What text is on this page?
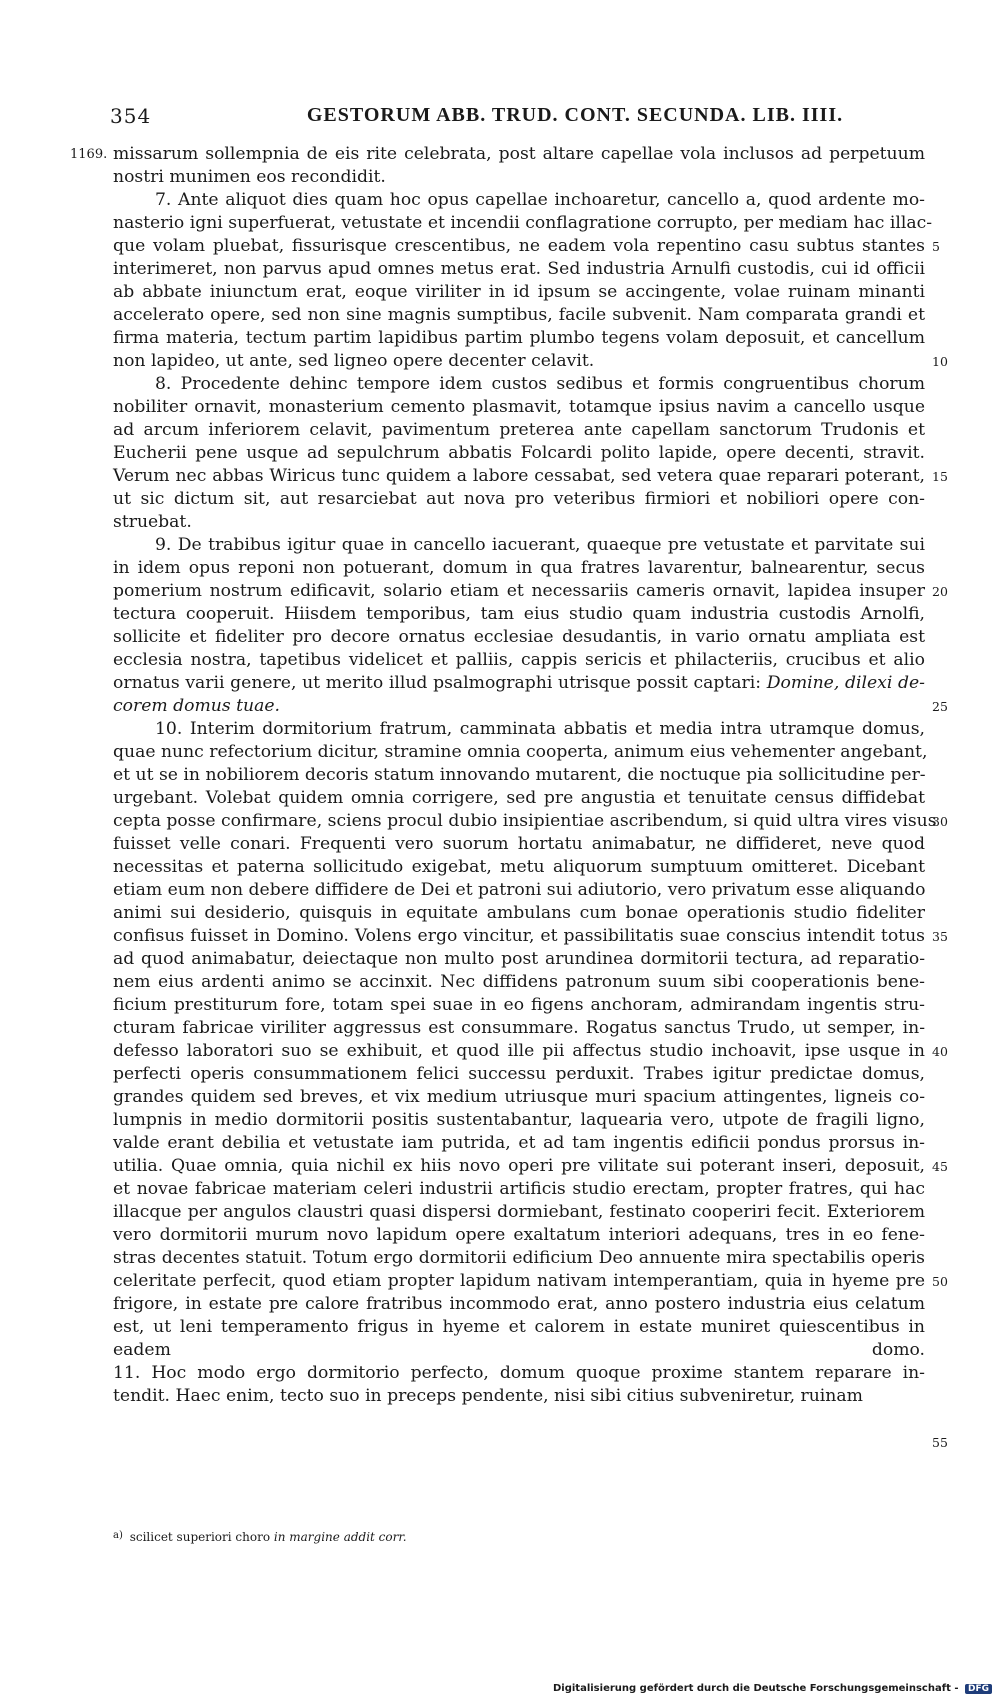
354	GESTORUM ABB. TRUD. CONT. SECUNDA. LIB. IIII.
1169. missarum sollempnia de eis rite celebrata, post altare capellae vola inclusos ad perpetuum
nostri munimen eos recondidit.
7. Ante aliquot dies quam hoc opus capellae inchoaretur, cancello a, quod ardente mo-
nasterio igni superfuerat, vetustate et incendii conflagratione corrupto, per mediam hac illac-
que volam pluebat, fissurisque crescentibus, ne eadem vola repentino casu subtus stantes
interimeret, non parvus apud omnes metus erat. Sed industria Arnulfi custodis, cui id officii
ab abbate iniunctum erat, eoque viriliter in id ipsum se accingente, volae ruinam minanti
accelerato opere, sed non sine magnis sumptibus, facile subvenit. Nam comparata grandi et
firma materia, tectum partim lapidibus partim plumbo tegens volam deposuit, et cancellum
non lapideo, ut ante, sed ligneo opere decenter celavit.
8. Procedente dehinc tempore idem custos sedibus et formis congruentibus chorum
nobiliter ornavit, monasterium cemento plasmavit, totamque ipsius navim a cancello usque
ad arcum inferiorem celavit, pavimentum preterea ante capellam sanctorum Trudonis et
Eucherii pene usque ad sepulchrum abbatis Folcardi polito lapide, opere decenti, stravit.
Verum nec abbas Wiricus tunc quidem a labore cessabat, sed vetera quae reparari poterant,
ut sic dictum sit, aut resarciebat aut nova pro veteribus firmiori et nobiliori opere con-
struebat.
9. De trabibus igitur quae in cancello iacuerant, quaeque pre vetustate et parvitate sui
in idem opus reponi non potuerant, domum in qua fratres lavarentur, balnearentur, secus
pomerium nostrum edificavit, solario etiam et necessariis cameris ornavit, lapidea insuper
tectura cooperuit. Hiisdem temporibus, tam eius studio quam industria custodis Arnolfi,
sollicite et fideliter pro decore ornatus ecclesiae desudantis, in vario ornatu ampliata est
ecclesia nostra, tapetibus videlicet et palliis, cappis sericis et philacteriis, crucibus et alio
ornatus varii genere, ut merito illud psalmographi utrisque possit captari: Domine, dilexi de-
corem domus tuae.
10. Interim dormitorium fratrum, camminata abbatis et media intra utramque domus,
quae nunc refectorium dicitur, stramine omnia cooperta, animum eius vehementer angebant,
et ut se in nobiliorem decoris statum innovando mutarent, die noctuque pia sollicitudine per-
urgebant. Volebat quidem omnia corrigere, sed pre angustia et tenuitate census diffidebat
cepta posse confirmare, sciens procul dubio insipientiae ascribendum, si quid ultra vires visus
fuisset velle conari. Frequenti vero suorum hortatu animabatur, ne diffideret, neve quod
necessitas et paterna sollicitudo exigebat, metu aliquorum sumptuum omitteret. Dicebant
etiam eum non debere diffidere de Dei et patroni sui adiutorio, vero privatum esse aliquando
animi sui desiderio, quisquis in equitate ambulans cum bonae operationis studio fideliter
confisus fuisset in Domino. Volens ergo vincitur, et passibilitatis suae conscius intendit totus
ad quod animabatur, deiectaque non multo post arundinea dormitorii tectura, ad reparatio-
nem eius ardenti animo se accinxit. Nec diffidens patronum suum sibi cooperationis bene-
ficium prestiturum fore, totam spei suae in eo figens anchoram, admirandam ingentis stru-
cturam fabricae viriliter aggressus est consummare. Rogatus sanctus Trudo, ut semper, in-
defesso laboratori suo se exhibuit, et quod ille pii affectus studio inchoavit, ipse usque in
perfecti operis consummationem felici successu perduxit. Trabes igitur predictae domus,
grandes quidem sed breves, et vix medium utriusque muri spacium attingentes, ligneis co-
lumpnis in medio dormitorii positis sustentabantur, laquearia vero, utpote de fragili ligno,
valde erant debilia et vetustate iam putrida, et ad tam ingentis edificii pondus prorsus in-
utilia. Quae omnia, quia nichil ex hiis novo operi pre vilitate sui poterant inseri, deposuit,
et novae fabricae materiam celeri industrii artificis studio erectam, propter fratres, qui hac
illacque per angulos claustri quasi dispersi dormiebant, festinato cooperiri fecit. Exteriorem
vero dormitorii murum novo lapidum opere exaltatum interiori adequans, tres in eo fene-
stras decentes statuit. Totum ergo dormitorii edificium Deo annuente mira spectabilis operis
celeritate perfecit, quod etiam propter lapidum nativam intemperantiam, quia in hyeme pre
frigore, in estate pre calore fratribus incommodo erat, anno postero industria eius celatum
est, ut leni temperamento frigus in hyeme et calorem in estate muniret quiescentibus in
eadem domo.
11. Hoc modo ergo dormitorio perfecto, domum quoque proxime stantem reparare in-
tendit. Haec enim, tecto suo in preceps pendente, nisi sibi citius subveniretur, ruinam
5
10
15
20
25
30
35
40
45
50
55
$^{a)}$ scilicet superiori choro in margine addit corr.
Digitalisierung gefördert durch die Deutsche Forschungsgemeinschaft - DFG
